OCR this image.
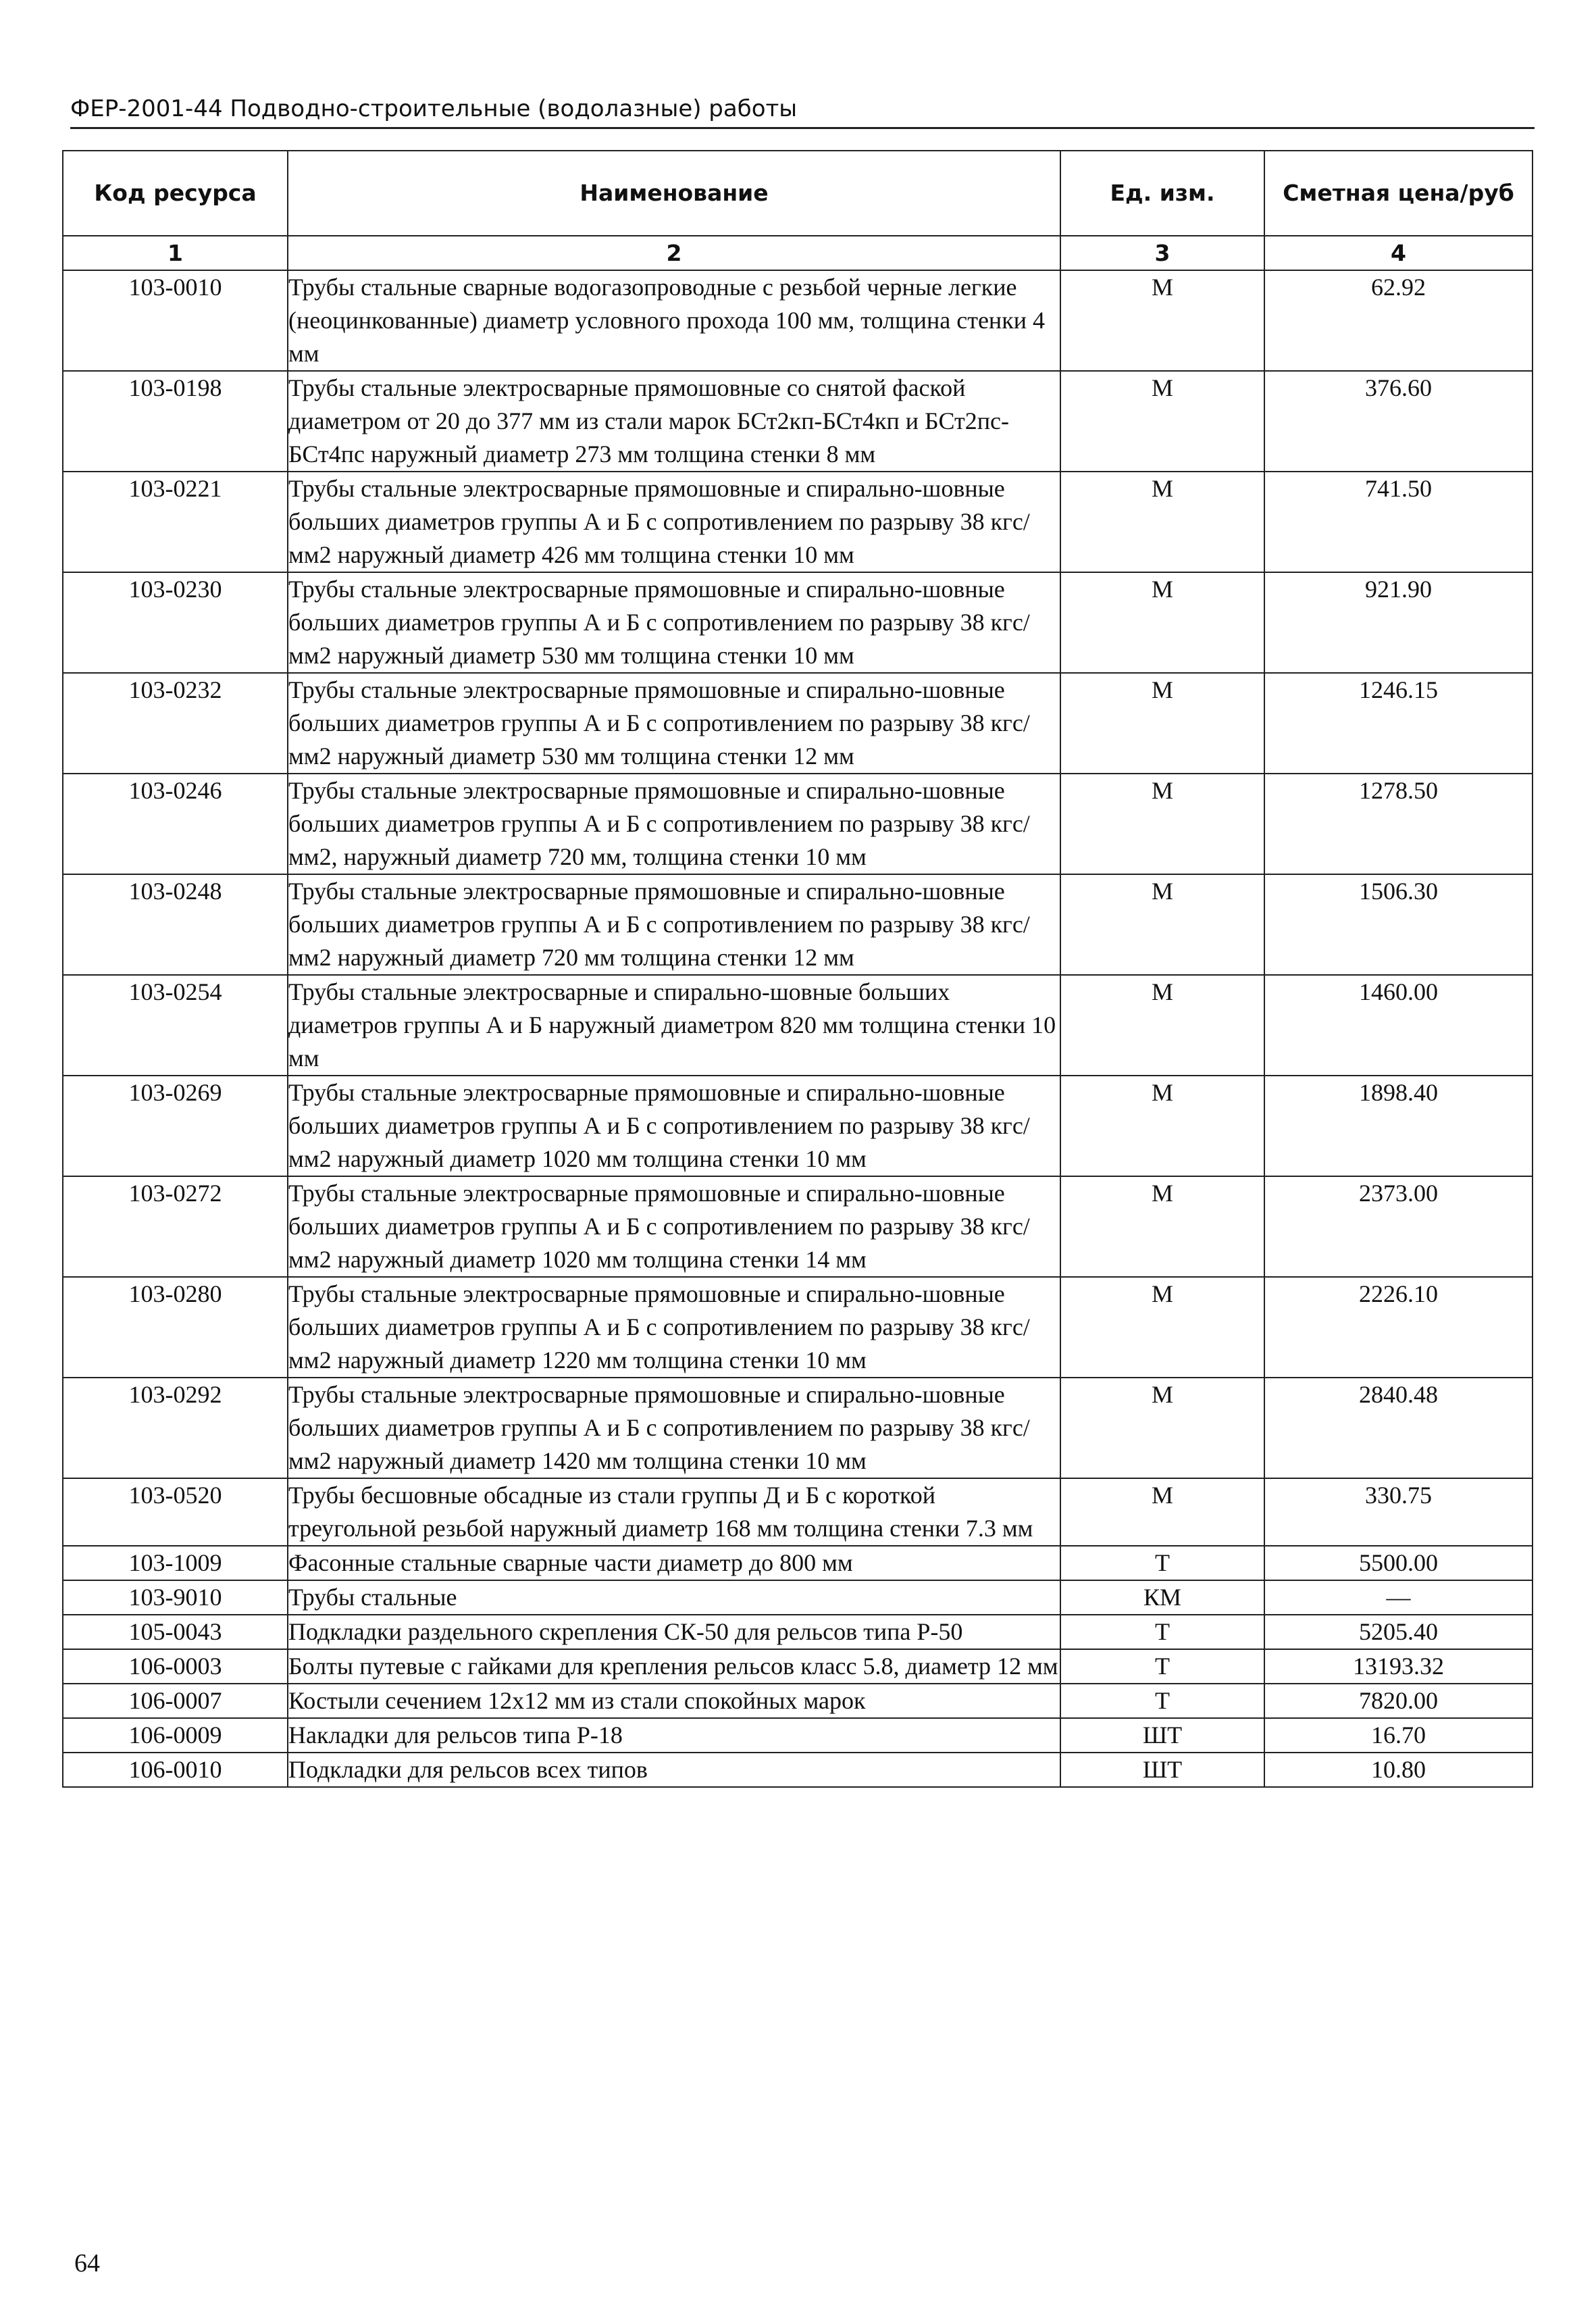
ФЕР-2001-44 Подводно-строительные (водолазные) работы
Код ресурса	Наименование	Ед. изм.	Сметная цена/руб
1	2	3	4
103-0010	Трубы стальные сварные водогазопроводные с резьбой черные легкие (неоцинкованные) диаметр условного прохода 100 мм, толщина стенки 4 мм	М	62.92
103-0198	Трубы стальные электросварные прямошовные со снятой фаской диаметром от 20 до 377 мм из стали марок БСт2кп-БСт4кп и БСт2пс-БСт4пс наружный диаметр 273 мм толщина стенки 8 мм	М	376.60
103-0221	Трубы стальные электросварные прямошовные и спирально-шовные больших диаметров группы А и Б с сопротивлением по разрыву 38 кгс/мм2 наружный диаметр 426 мм толщина стенки 10 мм	М	741.50
103-0230	Трубы стальные электросварные прямошовные и спирально-шовные больших диаметров группы А и Б с сопротивлением по разрыву 38 кгс/мм2 наружный диаметр 530 мм толщина стенки 10 мм	М	921.90
103-0232	Трубы стальные электросварные прямошовные и спирально-шовные больших диаметров группы А и Б с сопротивлением по разрыву 38 кгс/мм2 наружный диаметр 530 мм толщина стенки 12 мм	М	1246.15
103-0246	Трубы стальные электросварные прямошовные и спирально-шовные больших диаметров группы А и Б с сопротивлением по разрыву 38 кгс/мм2, наружный диаметр 720 мм, толщина стенки 10 мм	М	1278.50
103-0248	Трубы стальные электросварные прямошовные и спирально-шовные больших диаметров группы А и Б с сопротивлением по разрыву 38 кгс/мм2 наружный диаметр 720 мм толщина стенки 12 мм	М	1506.30
103-0254	Трубы стальные электросварные и спирально-шовные больших диаметров группы А и Б наружный диаметром 820 мм толщина стенки 10 мм	М	1460.00
103-0269	Трубы стальные электросварные прямошовные и спирально-шовные больших диаметров группы А и Б с сопротивлением по разрыву 38 кгс/мм2 наружный диаметр 1020 мм толщина стенки 10 мм	М	1898.40
103-0272	Трубы стальные электросварные прямошовные и спирально-шовные больших диаметров группы А и Б с сопротивлением по разрыву 38 кгс/мм2 наружный диаметр 1020 мм толщина стенки 14 мм	М	2373.00
103-0280	Трубы стальные электросварные прямошовные и спирально-шовные больших диаметров группы А и Б с сопротивлением по разрыву 38 кгс/мм2 наружный диаметр 1220 мм толщина стенки 10 мм	М	2226.10
103-0292	Трубы стальные электросварные прямошовные и спирально-шовные больших диаметров группы А и Б с сопротивлением по разрыву 38 кгс/мм2 наружный диаметр 1420 мм толщина стенки 10 мм	М	2840.48
103-0520	Трубы бесшовные обсадные из стали группы Д и Б с короткой треугольной резьбой наружный диаметр 168 мм толщина стенки 7.3 мм	М	330.75
103-1009	Фасонные стальные сварные части диаметр до 800 мм	Т	5500.00
103-9010	Трубы стальные	КМ	—
105-0043	Подкладки раздельного скрепления СК-50 для рельсов типа Р-50	Т	5205.40
106-0003	Болты путевые с гайками для крепления рельсов класс 5.8, диаметр 12 мм	Т	13193.32
106-0007	Костыли сечением 12x12 мм из стали спокойных марок	Т	7820.00
106-0009	Накладки для рельсов типа Р-18	ШТ	16.70
106-0010	Подкладки для рельсов всех типов	ШТ	10.80
64
